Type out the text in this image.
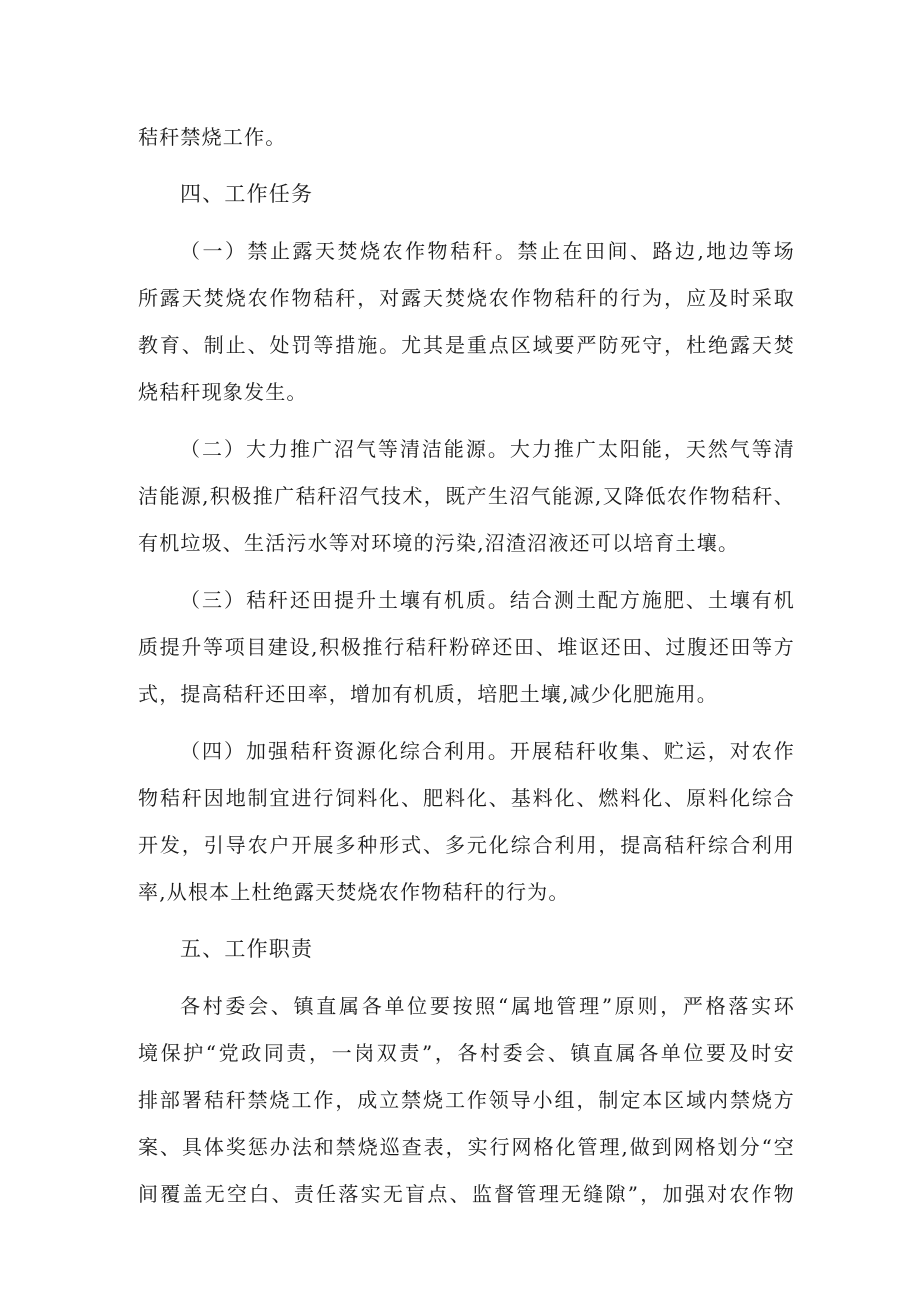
秸秆禁烧工作。

四、工作任务

（一）禁止露天焚烧农作物秸秆。禁止在田间、路边,地边等场

所露天焚烧农作物秸秆，对露天焚烧农作物秸秆的行为，应及时采取

教育、制止、处罚等措施。尤其是重点区域要严防死守，杜绝露天焚

烧秸秆现象发生。

（二）大力推广沼气等清洁能源。大力推广太阳能，天然气等清

洁能源,积极推广秸秆沼气技术，既产生沼气能源,又降低农作物秸秆、

有机垃圾、生活污水等对环境的污染,沼渣沼液还可以培育土壤。

（三）秸秆还田提升土壤有机质。结合测土配方施肥、土壤有机

质提升等项目建设,积极推行秸秆粉碎还田、堆讴还田、过腹还田等方

式，提高秸秆还田率，增加有机质，培肥土壤,减少化肥施用。

（四）加强秸秆资源化综合利用。开展秸秆收集、贮运，对农作

物秸秆因地制宜进行饲料化、肥料化、基料化、燃料化、原料化综合

开发，引导农户开展多种形式、多元化综合利用，提高秸秆综合利用

率,从根本上杜绝露天焚烧农作物秸秆的行为。

五、工作职责

各村委会、镇直属各单位要按照“属地管理”原则，严格落实环

境保护“党政同责，一岗双责”，各村委会、镇直属各单位要及时安

排部署秸秆禁烧工作，成立禁烧工作领导小组，制定本区域内禁烧方

案、具体奖惩办法和禁烧巡查表，实行网格化管理,做到网格划分“空

间覆盖无空白、责任落实无盲点、监督管理无缝隙”，加强对农作物
